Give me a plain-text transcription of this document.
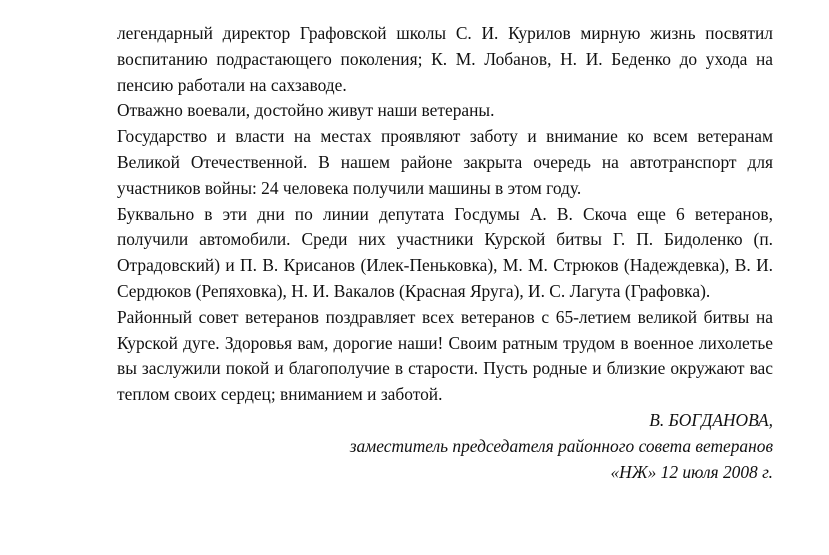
легендарный директор Графовской школы С. И. Курилов мирную жизнь посвятил воспитанию подрастающего поколения; К. М. Лобанов, Н. И. Беденко до ухода на пенсию работали на сахзаводе.

Отважно воевали, достойно живут наши ветераны.

Государство и власти на местах проявляют заботу и внимание ко всем ветеранам Великой Отечественной. В нашем районе закрыта очередь на автотранспорт для участников войны: 24 человека получили машины в этом году.

Буквально в эти дни по линии депутата Госдумы А. В. Скоча еще 6 ветеранов, получили автомобили. Среди них участники Курской битвы Г. П. Бидоленко (п. Отрадовский) и П. В. Крисанов (Илек-Пеньковка), М. М. Стрюков (Надеждевка), В. И. Сердюков (Репяховка), Н. И. Вакалов (Красная Яруга), И. С. Лагута (Графовка).

Районный совет ветеранов поздравляет всех ветеранов с 65-летием великой битвы на Курской дуге. Здоровья вам, дорогие наши! Своим ратным трудом в военное лихолетье вы заслужили покой и благополучие в старости. Пусть родные и близкие окружают вас теплом своих сердец; вниманием и заботой.

В. БОГДАНОВА,

заместитель председателя районного совета ветеранов

«НЖ» 12 июля 2008 г.
